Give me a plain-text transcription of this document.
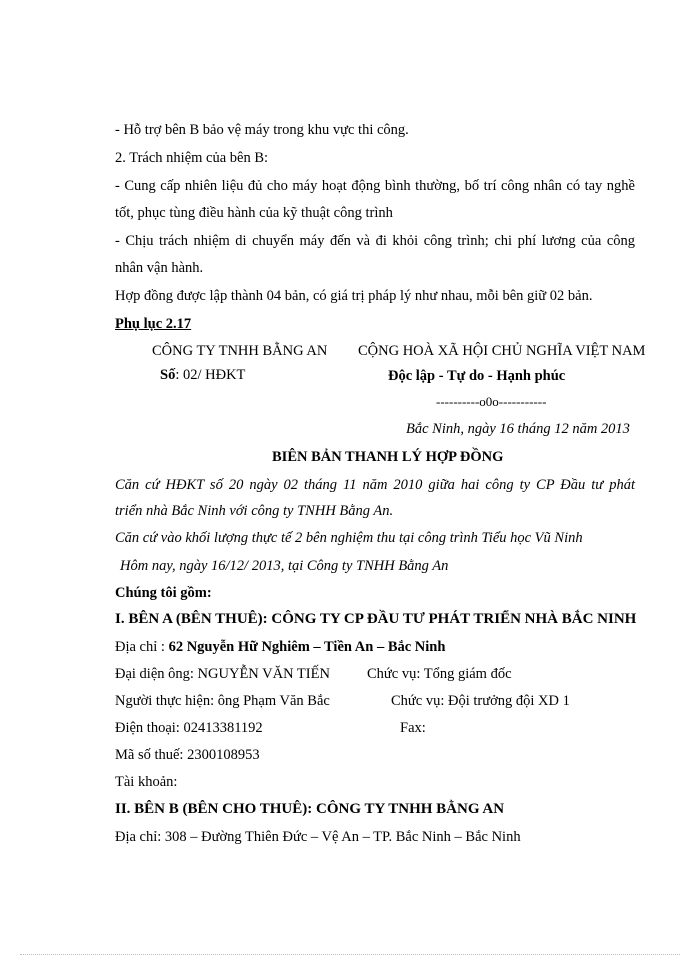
- Hỗ trợ bên B bảo vệ máy trong khu vực thi công.
2. Trách nhiệm của bên B:
- Cung cấp nhiên liệu đủ cho máy hoạt động bình thường, bố trí công nhân có tay nghề
tốt, phục tùng điều hành của kỹ thuật công trình
- Chịu trách nhiệm di chuyển máy đến và đi khỏi công trình; chi phí lương của công
nhân vận hành.
Hợp đồng được lập thành 04 bản, có giá trị pháp lý như nhau, mỗi bên giữ 02 bản.
Phụ lục 2.17
CÔNG TY TNHH BẰNG AN CỘNG HOÀ XÃ HỘI CHỦ NGHĨA VIỆT NAM
Số: 02/ HĐKT	Độc lập - Tự do - Hạnh phúc
----------o0o-----------
Bắc Ninh, ngày 16 tháng 12 năm 2013
BIÊN BẢN THANH LÝ HỢP ĐỒNG
Căn cứ HĐKT số 20 ngày 02 tháng 11 năm 2010 giữa hai công ty CP Đầu tư phát
triển nhà Bắc Ninh với công ty TNHH Bằng An.
Căn cứ vào khối lượng thực tế 2 bên nghiệm thu tại công trình Tiểu học Vũ Ninh
Hôm nay, ngày 16/12/ 2013, tại Công ty TNHH Bằng An
Chúng tôi gồm:
I. BÊN A (BÊN THUÊ): CÔNG TY CP ĐẦU TƯ PHÁT TRIỂN NHÀ BẮC NINH
Địa chỉ : 62 Nguyễn Hữ Nghiêm – Tiền An – Bắc Ninh
Đại diện ông: NGUYỄN VĂN TIẾN	Chức vụ: Tổng giám đốc
Người thực hiện: ông Phạm Văn Bắc	Chức vụ: Đội trưởng đội XD 1
Điện thoại: 02413381192	Fax:
Mã số thuế: 2300108953
Tài khoản:
II. BÊN B (BÊN CHO THUÊ): CÔNG TY TNHH BẰNG AN
Địa chỉ: 308 – Đường Thiên Đức – Vệ An – TP. Bắc Ninh – Bắc Ninh
